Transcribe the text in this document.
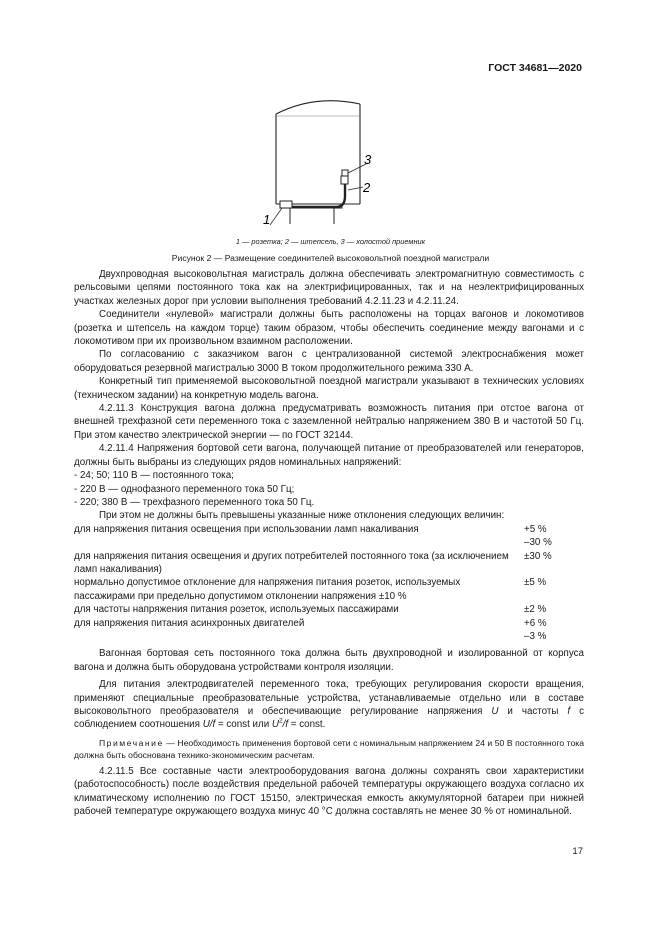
ГОСТ 34681—2020
1
2
3
1 — розетка; 2 — штепсель, 3 — холостой приемник
Рисунок 2 — Размещение соединителей высоковольтной поездной магистрали

Двухпроводная высоковольтная магистраль должна обеспечивать электромагнитную совместимость с рельсовыми цепями постоянного тока как на электрифицированных, так и на неэлектрифицированных участках железных дорог при условии выполнения требований 4.2.11.23 и 4.2.11.24.

Соединители «нулевой» магистрали должны быть расположены на торцах вагонов и локомотивов (розетка и штепсель на каждом торце) таким образом, чтобы обеспечить соединение между вагонами и с локомотивом при их произвольном взаимном расположении.

По согласованию с заказчиком вагон с централизованной системой электроснабжения может оборудоваться резервной магистралью 3000 В током продолжительного режима 330 А.

Конкретный тип применяемой высоковольтной поездной магистрали указывают в технических условиях (техническом задании) на конкретную модель вагона.

4.2.11.3 Конструкция вагона должна предусматривать возможность питания при отстое вагона от внешней трехфазной сети переменного тока с заземленной нейтралью напряжением 380 В и частотой 50 Гц. При этом качество электрической энергии — по ГОСТ 32144.

4.2.11.4 Напряжения бортовой сети вагона, получающей питание от преобразователей или генераторов, должны быть выбраны из следующих рядов номинальных напряжений:

- 24; 50; 110 В — постоянного тока;

- 220 В — однофазного переменного тока 50 Гц;

- 220; 380 В — трехфазного переменного тока 50 Гц.

При этом не должны быть превышены указанные ниже отклонения следующих величин:

для напряжения питания освещения при использовании ламп накаливания	+5 %
–30 %
для напряжения питания освещения и других потребителей постоянного тока (за исключением ламп накаливания)
±30 %
нормально допустимое отклонение для напряжения питания розеток, используемых пассажирами при предельно допустимом отклонении напряжения ±10 %
±5 %
для частоты напряжения питания розеток, используемых пассажирами	±2 %
для напряжения питания асинхронных двигателей	+6 %
–3 %

Вагонная бортовая сеть постоянного тока должна быть двухпроводной и изолированной от корпуса вагона и должна быть оборудована устройствами контроля изоляции.

Для питания электродвигателей переменного тока, требующих регулирования скорости вращения, применяют специальные преобразовательные устройства, устанавливаемые отдельно или в составе высоковольтного преобразователя и обеспечивающие регулирование напряжения U и частоты f с соблюдением соотношения U/f = const или $U^2/f$ = const.

Примечание — Необходимость применения бортовой сети с номинальным напряжением 24 и 50 В постоянного тока должна быть обоснована технико-экономическим расчетам.

4.2.11.5 Все составные части электрооборудования вагона должны сохранять свои характеристики (работоспособность) после воздействия предельной рабочей температуры окружающего воздуха согласно их климатическому исполнению по ГОСТ 15150, электрическая емкость аккумуляторной батареи при нижней рабочей температуре окружающего воздуха минус 40 °С должна составлять не менее 30 % от номинальной.

17
